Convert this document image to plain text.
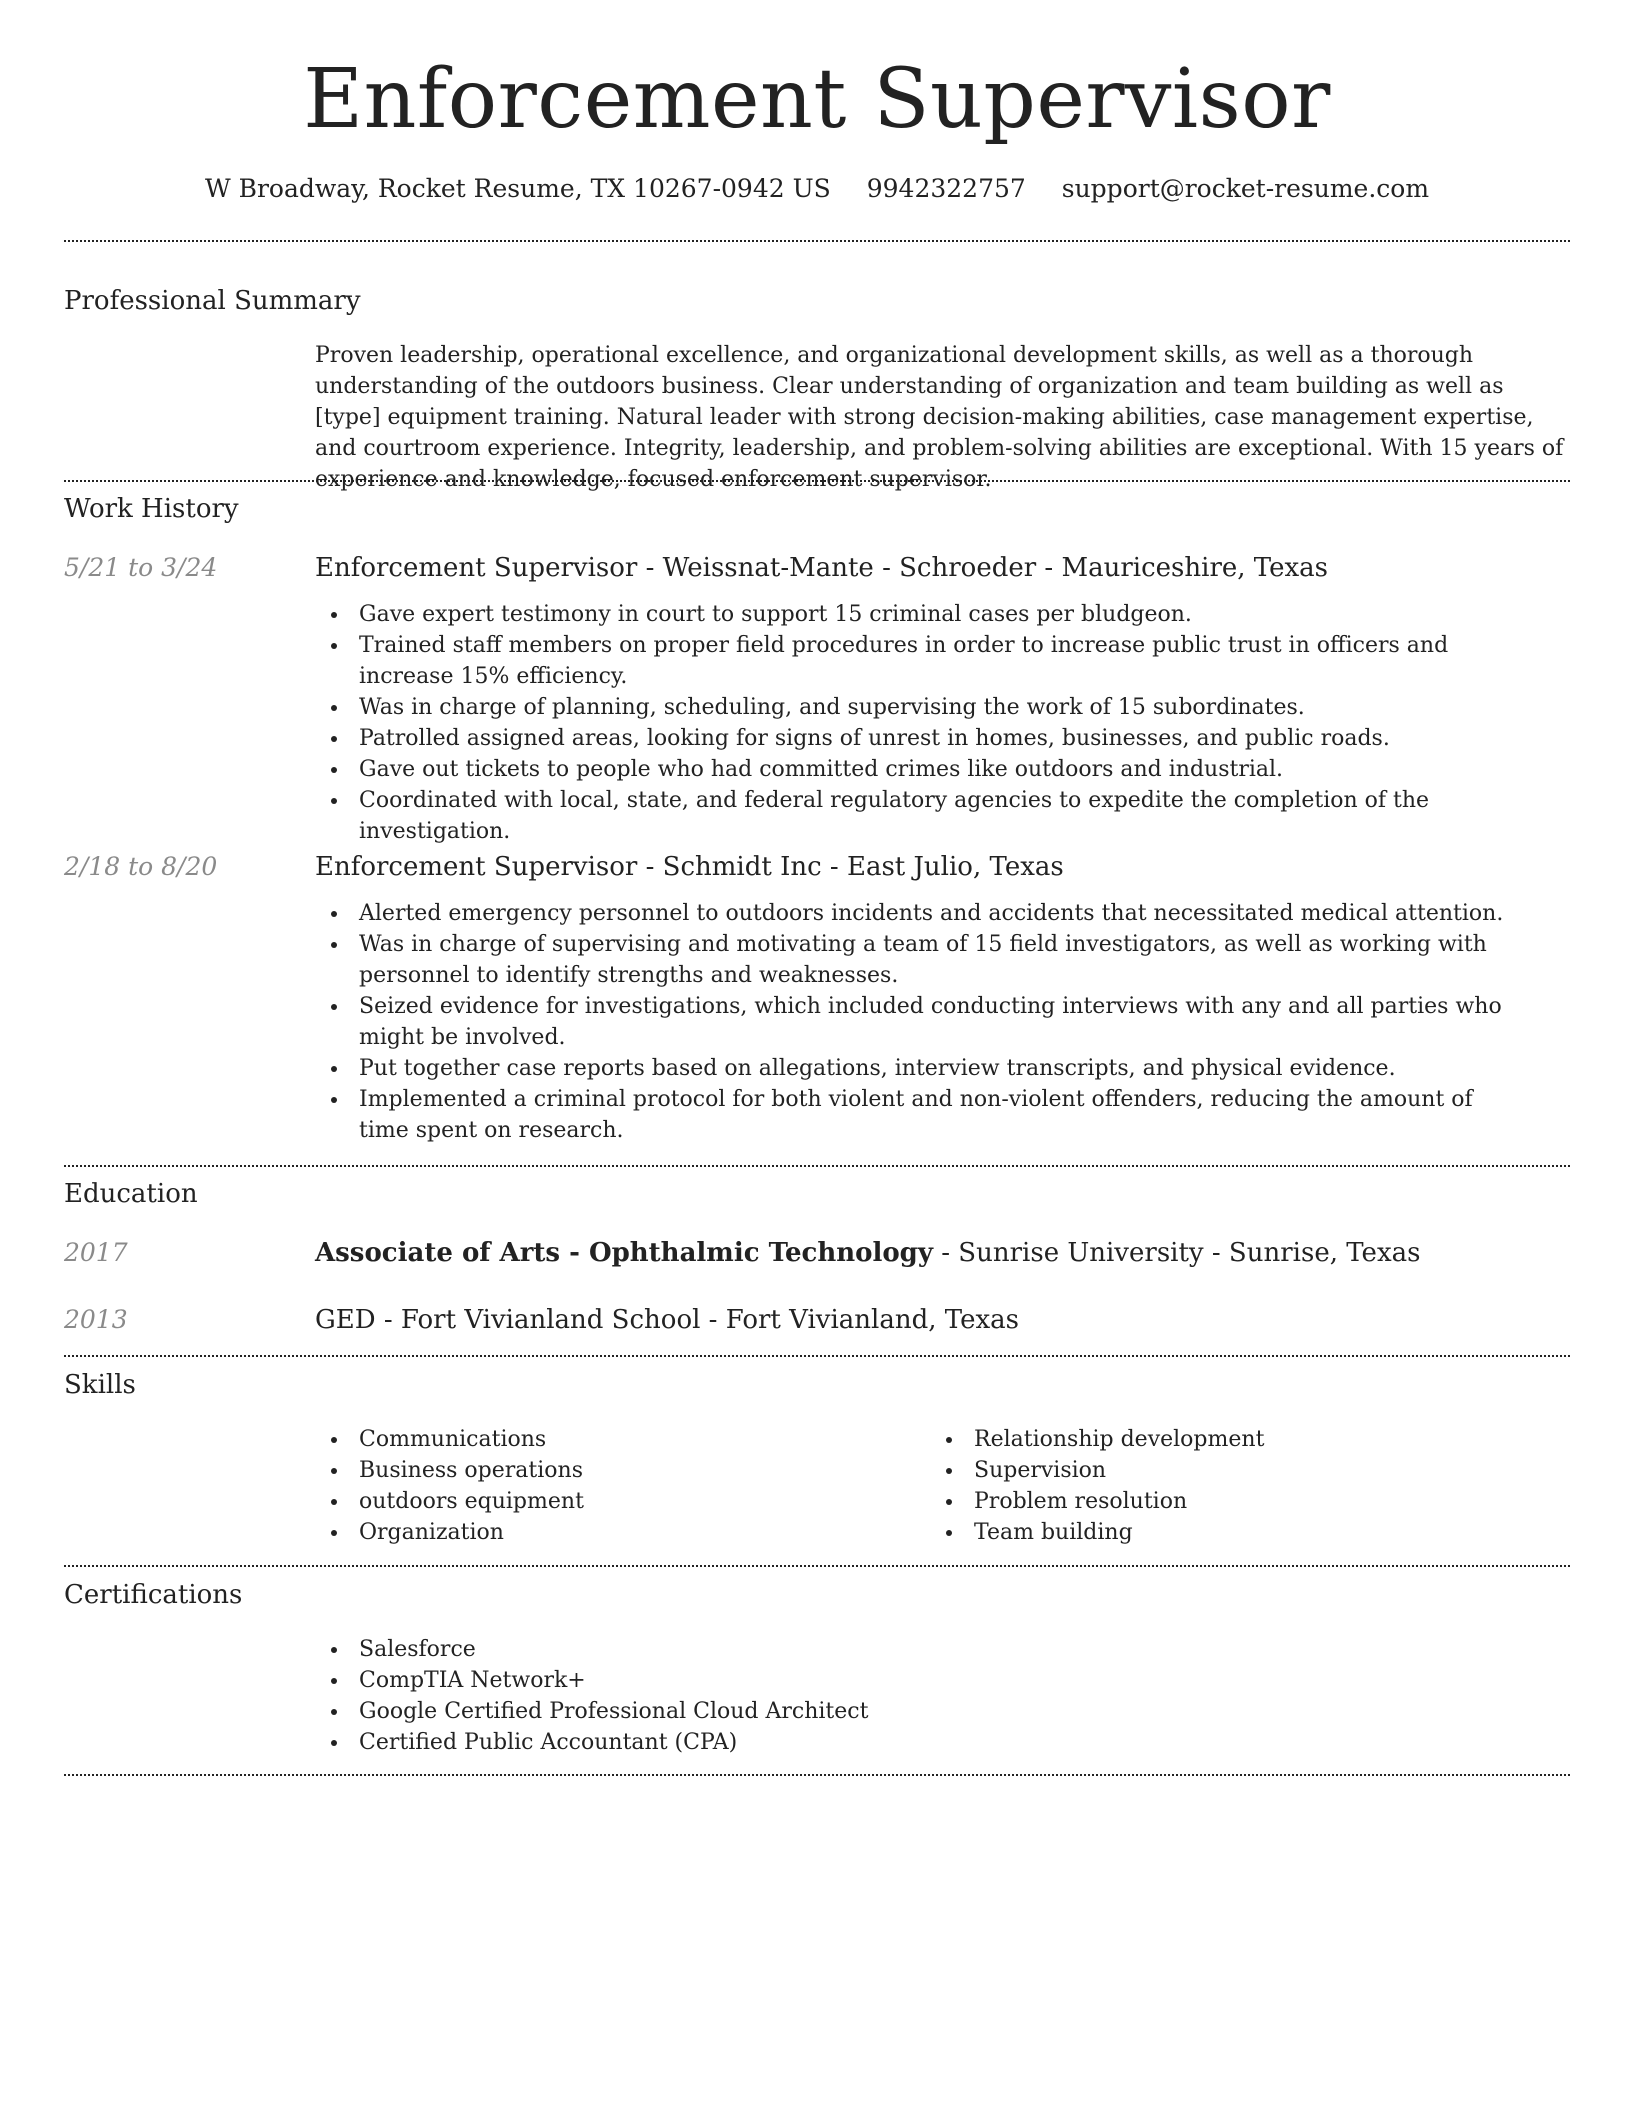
Enforcement Supervisor
W Broadway, Rocket Resume, TX 10267-0942 US 9942322757 support@rocket-resume.com
Professional Summary

Proven leadership, operational excellence, and organizational development skills, as well as a thorough understanding of the outdoors business. Clear understanding of organization and team building as well as [type] equipment training. Natural leader with strong decision-making abilities, case management expertise, and courtroom experience. Integrity, leadership, and problem-solving abilities are exceptional. With 15 years of experience and knowledge, focused enforcement supervisor.

Work History
5/21 to 3/24	Enforcement Supervisor - Weissnat-Mante - Schroeder - Mauriceshire, Texas
Gave expert testimony in court to support 15 criminal cases per bludgeon.
Trained staff members on proper field procedures in order to increase public trust in officers and increase 15% efficiency.
Was in charge of planning, scheduling, and supervising the work of 15 subordinates.
Patrolled assigned areas, looking for signs of unrest in homes, businesses, and public roads.
Gave out tickets to people who had committed crimes like outdoors and industrial.
Coordinated with local, state, and federal regulatory agencies to expedite the completion of the investigation.
2/18 to 8/20	Enforcement Supervisor - Schmidt Inc - East Julio, Texas
Alerted emergency personnel to outdoors incidents and accidents that necessitated medical attention.
Was in charge of supervising and motivating a team of 15 field investigators, as well as working with personnel to identify strengths and weaknesses.
Seized evidence for investigations, which included conducting interviews with any and all parties who might be involved.
Put together case reports based on allegations, interview transcripts, and physical evidence.
Implemented a criminal protocol for both violent and non-violent offenders, reducing the amount of time spent on research.
Education
2017	Associate of Arts - Ophthalmic Technology - Sunrise University - Sunrise, Texas
2013	GED - Fort Vivianland School - Fort Vivianland, Texas
Skills
Communications
Business operations
outdoors equipment
Organization
Relationship development
Supervision
Problem resolution
Team building
Certifications
Salesforce
CompTIA Network+
Google Certified Professional Cloud Architect
Certified Public Accountant (CPA)
